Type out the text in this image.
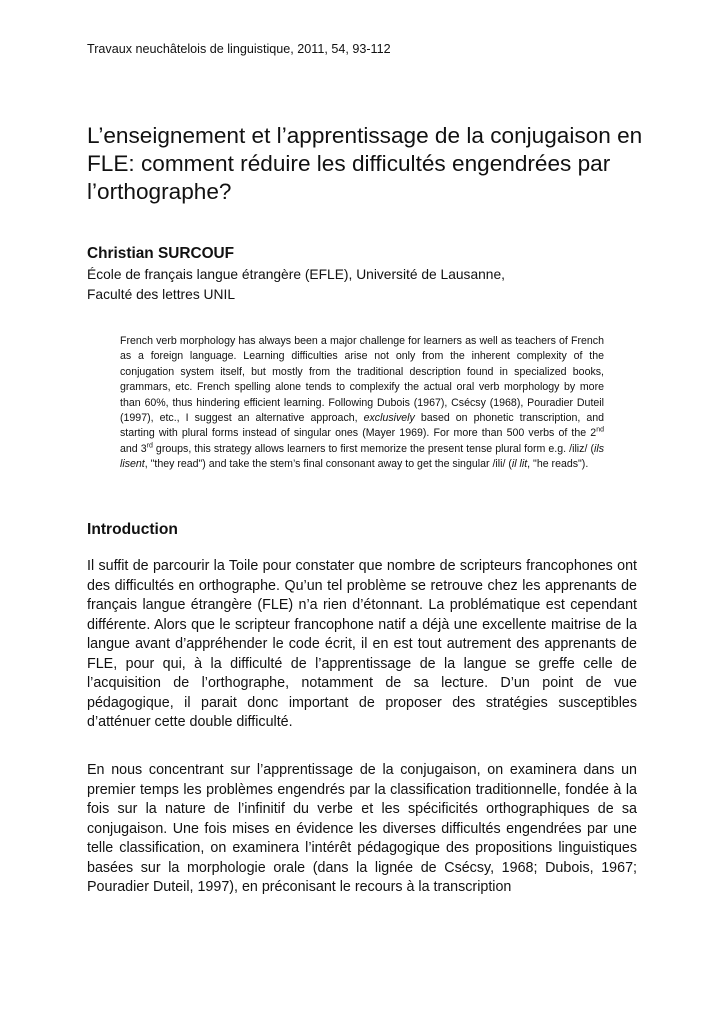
Travaux neuchâtelois de linguistique, 2011, 54, 93-112
L’enseignement et l’apprentissage de la conjugaison en FLE: comment réduire les difficultés engendrées par l’orthographe?
Christian SURCOUF
École de français langue étrangère (EFLE), Université de Lausanne,
Faculté des lettres UNIL

French verb morphology has always been a major challenge for learners as well as teachers of French as a foreign language. Learning difficulties arise not only from the inherent complexity of the conjugation system itself, but mostly from the traditional description found in specialized books, grammars, etc. French spelling alone tends to complexify the actual oral verb morphology by more than 60%, thus hindering efficient learning. Following Dubois (1967), Csécsy (1968), Pouradier Duteil (1997), etc., I suggest an alternative approach, exclusively based on phonetic transcription, and starting with plural forms instead of singular ones (Mayer 1969). For more than 500 verbs of the 2nd and 3rd groups, this strategy allows learners to first memorize the present tense plural form e.g. /iliz/ (ils lisent, "they read") and take the stem’s final consonant away to get the singular /ili/ (il lit, "he reads").

Introduction

Il suffit de parcourir la Toile pour constater que nombre de scripteurs francophones ont des difficultés en orthographe. Qu’un tel problème se retrouve chez les apprenants de français langue étrangère (FLE) n’a rien d’étonnant. La problématique est cependant différente. Alors que le scripteur francophone natif a déjà une excellente maitrise de la langue avant d’appréhender le code écrit, il en est tout autrement des apprenants de FLE, pour qui, à la difficulté de l’apprentissage de la langue se greffe celle de l’acquisition de l’orthographe, notamment de sa lecture. D’un point de vue pédagogique, il parait donc important de proposer des stratégies susceptibles d’atténuer cette double difficulté.

En nous concentrant sur l’apprentissage de la conjugaison, on examinera dans un premier temps les problèmes engendrés par la classification traditionnelle, fondée à la fois sur la nature de l’infinitif du verbe et les spécificités orthographiques de sa conjugaison. Une fois mises en évidence les diverses difficultés engendrées par une telle classification, on examinera l’intérêt pédagogique des propositions linguistiques basées sur la morphologie orale (dans la lignée de Csécsy, 1968; Dubois, 1967; Pouradier Duteil, 1997), en préconisant le recours à la transcription
